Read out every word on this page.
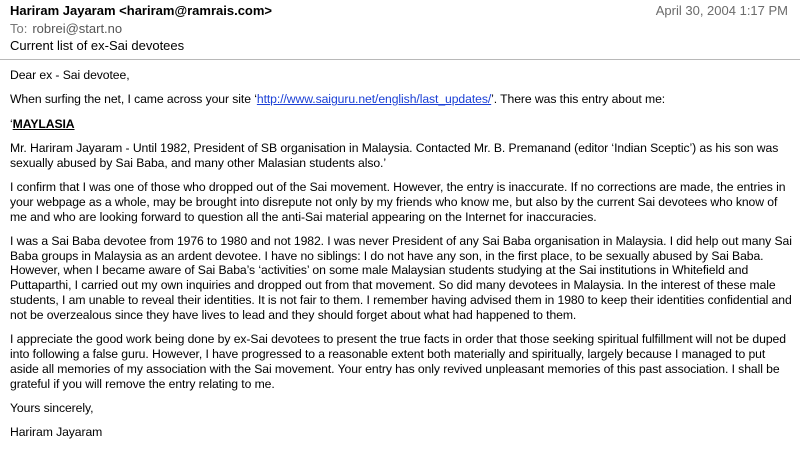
Hariram Jayaram <hariram@ramrais.com>	April 30, 2004 1:17 PM
To: robrei@start.no
Current list of ex-Sai devotees

Dear ex - Sai devotee,

When surfing the net, I came across your site ‘http://www.saiguru.net/english/last_updates/’. There was this entry about me:

‘MAYLASIA

Mr. Hariram Jayaram - Until 1982, President of SB organisation in Malaysia. Contacted Mr. B. Premanand (editor ‘Indian Sceptic’) as his son was sexually abused by Sai Baba, and many other Malasian students also.’

I confirm that I was one of those who dropped out of the Sai movement. However, the entry is inaccurate. If no corrections are made, the entries in your webpage as a whole, may be brought into disrepute not only by my friends who know me, but also by the current Sai devotees who know of me and who are looking forward to question all the anti-Sai material appearing on the Internet for inaccuracies.

I was a Sai Baba devotee from 1976 to 1980 and not 1982. I was never President of any Sai Baba organisation in Malaysia. I did help out many Sai Baba groups in Malaysia as an ardent devotee. I have no siblings: I do not have any son, in the first place, to be sexually abused by Sai Baba. However, when I became aware of Sai Baba’s ‘activities’ on some male Malaysian students studying at the Sai institutions in Whitefield and Puttaparthi, I carried out my own inquiries and dropped out from that movement. So did many devotees in Malaysia. In the interest of these male students, I am unable to reveal their identities. It is not fair to them. I remember having advised them in 1980 to keep their identities confidential and not be overzealous since they have lives to lead and they should forget about what had happened to them.

I appreciate the good work being done by ex-Sai devotees to present the true facts in order that those seeking spiritual fulfillment will not be duped into following a false guru. However, I have progressed to a reasonable extent both materially and spiritually, largely because I managed to put aside all memories of my association with the Sai movement. Your entry has only revived unpleasant memories of this past association. I shall be grateful if you will remove the entry relating to me.

Yours sincerely,

Hariram Jayaram
